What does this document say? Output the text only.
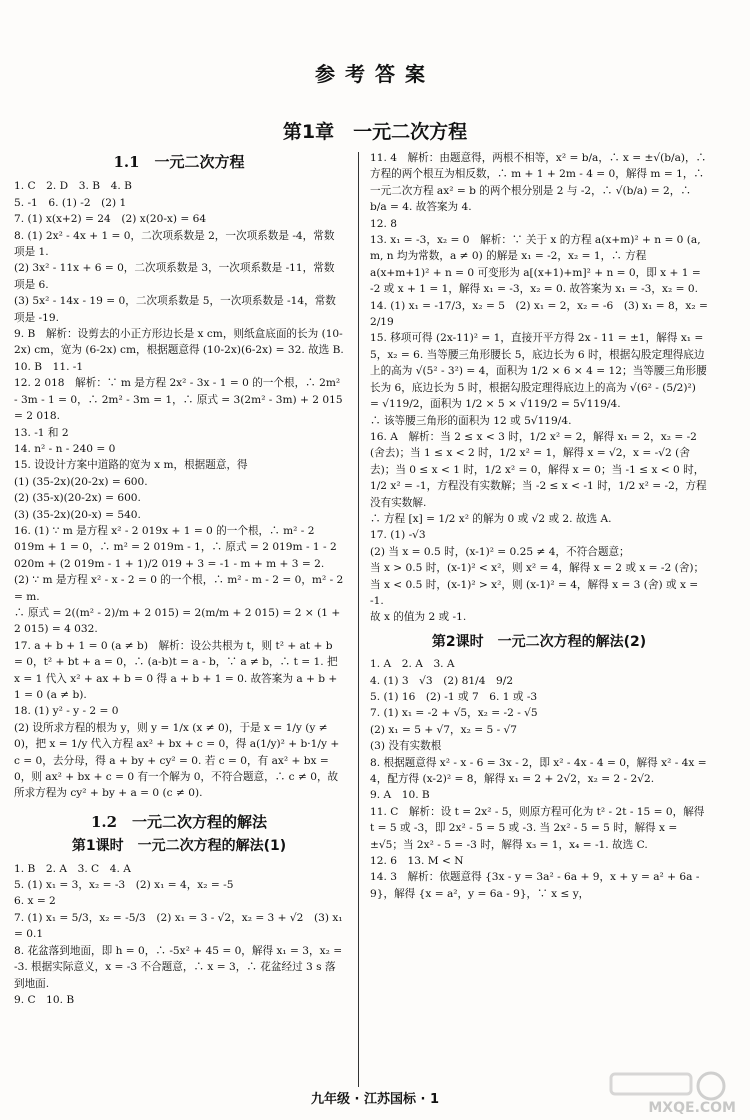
参考答案
第1章　一元二次方程
1.1　一元二次方程
1. C　2. D　3. B　4. B
5. -1　6. (1) -2　(2) 1
7. (1) x(x+2) = 24　(2) x(20-x) = 64
8. (1) 2x² - 4x + 1 = 0，二次项系数是 2，一次项系数是 -4，常数项是 1.
(2) 3x² - 11x + 6 = 0，二次项系数是 3，一次项系数是 -11，常数项是 6.
(3) 5x² - 14x - 19 = 0，二次项系数是 5，一次项系数是 -14，常数项是 -19.
9. B　解析：设剪去的小正方形边长是 x cm，则纸盒底面的长为 (10-2x) cm，宽为 (6-2x) cm，根据题意得 (10-2x)(6-2x) = 32. 故选 B.
10. B　11. -1
12. 2 018　解析：∵ m 是方程 2x² - 3x - 1 = 0 的一个根，∴ 2m² - 3m - 1 = 0，∴ 2m² - 3m = 1，∴ 原式 = 3(2m² - 3m) + 2 015 = 2 018.
13. -1 和 2
14. n² - n - 240 = 0
15. 设设计方案中道路的宽为 x m，根据题意，得
(1) (35-2x)(20-2x) = 600.
(2) (35-x)(20-2x) = 600.
(3) (35-2x)(20-x) = 540.
16. (1) ∵ m 是方程 x² - 2 019x + 1 = 0 的一个根，∴ m² - 2 019m + 1 = 0，∴ m² = 2 019m - 1，∴ 原式 = 2 019m - 1 - 2 020m + (2 019m - 1 + 1)/2 019 + 3 = -1 - m + m + 3 = 2.
(2) ∵ m 是方程 x² - x - 2 = 0 的一个根，∴ m² - m - 2 = 0，m² - 2 = m.
∴ 原式 = 2((m² - 2)/m + 2 015) = 2(m/m + 2 015) = 2 × (1 + 2 015) = 4 032.
17. a + b + 1 = 0 (a ≠ b)　解析：设公共根为 t，则 t² + at + b = 0，t² + bt + a = 0，∴ (a-b)t = a - b，∵ a ≠ b，∴ t = 1. 把 x = 1 代入 x² + ax + b = 0 得 a + b + 1 = 0. 故答案为 a + b + 1 = 0 (a ≠ b).
18. (1) y² - y - 2 = 0
(2) 设所求方程的根为 y，则 y = 1/x (x ≠ 0)，于是 x = 1/y (y ≠ 0)，把 x = 1/y 代入方程 ax² + bx + c = 0，得 a(1/y)² + b·1/y + c = 0，去分母，得 a + by + cy² = 0. 若 c = 0，有 ax² + bx = 0，则 ax² + bx + c = 0 有一个解为 0，不符合题意，∴ c ≠ 0，故所求方程为 cy² + by + a = 0 (c ≠ 0).
1.2　一元二次方程的解法
第1课时　一元二次方程的解法(1)
1. B　2. A　3. C　4. A
5. (1) x₁ = 3，x₂ = -3　(2) x₁ = 4，x₂ = -5
6. x = 2
7. (1) x₁ = 5/3，x₂ = -5/3　(2) x₁ = 3 - √2，x₂ = 3 + √2　(3) x₁ = 0.1
8. 花盆落到地面，即 h = 0，∴ -5x² + 45 = 0，解得 x₁ = 3，x₂ = -3. 根据实际意义，x = -3 不合题意，∴ x = 3，∴ 花盆经过 3 s 落到地面.
9. C　10. B
11. 4　解析：由题意得，两根不相等，x² = b/a，∴ x = ±√(b/a)，∴ 方程的两个根互为相反数，∴ m + 1 + 2m - 4 = 0，解得 m = 1，∴ 一元二次方程 ax² = b 的两个根分别是 2 与 -2，∴ √(b/a) = 2，∴ b/a = 4. 故答案为 4.
12. 8
13. x₁ = -3，x₂ = 0　解析：∵ 关于 x 的方程 a(x+m)² + n = 0 (a, m, n 均为常数，a ≠ 0) 的解是 x₁ = -2，x₂ = 1，∴ 方程 a(x+m+1)² + n = 0 可变形为 a[(x+1)+m]² + n = 0，即 x + 1 = -2 或 x + 1 = 1，解得 x₁ = -3，x₂ = 0. 故答案为 x₁ = -3，x₂ = 0.
14. (1) x₁ = -17/3，x₂ = 5　(2) x₁ = 2，x₂ = -6　(3) x₁ = 8，x₂ = 2/19
15. 移项可得 (2x-11)² = 1，直接开平方得 2x - 11 = ±1，解得 x₁ = 5，x₂ = 6. 当等腰三角形腰长 5，底边长为 6 时，根据勾股定理得底边上的高为 √(5² - 3²) = 4，面积为 1/2 × 6 × 4 = 12；当等腰三角形腰长为 6，底边长为 5 时，根据勾股定理得底边上的高为 √(6² - (5/2)²) = √119/2，面积为 1/2 × 5 × √119/2 = 5√119/4.
∴ 该等腰三角形的面积为 12 或 5√119/4.
16. A　解析：当 2 ≤ x < 3 时，1/2 x² = 2，解得 x₁ = 2，x₂ = -2 (舍去)；当 1 ≤ x < 2 时，1/2 x² = 1，解得 x = √2，x = -√2 (舍去)；当 0 ≤ x < 1 时，1/2 x² = 0，解得 x = 0；当 -1 ≤ x < 0 时，1/2 x² = -1，方程没有实数解；当 -2 ≤ x < -1 时，1/2 x² = -2，方程没有实数解.
∴ 方程 [x] = 1/2 x² 的解为 0 或 √2 或 2. 故选 A.
17. (1) -√3
(2) 当 x = 0.5 时，(x-1)² = 0.25 ≠ 4，不符合题意；
当 x > 0.5 时，(x-1)² < x²，则 x² = 4，解得 x = 2 或 x = -2 (舍)；
当 x < 0.5 时，(x-1)² > x²，则 (x-1)² = 4，解得 x = 3 (舍) 或 x = -1.
故 x 的值为 2 或 -1.
第2课时　一元二次方程的解法(2)
1. A　2. A　3. A
4. (1) 3　√3　(2) 81/4　9/2
5. (1) 16　(2) -1 或 7　6. 1 或 -3
7. (1) x₁ = -2 + √5，x₂ = -2 - √5
(2) x₁ = 5 + √7，x₂ = 5 - √7
(3) 没有实数根
8. 根据题意得 x² - x - 6 = 3x - 2，即 x² - 4x - 4 = 0，解得 x² - 4x = 4，配方得 (x-2)² = 8，解得 x₁ = 2 + 2√2，x₂ = 2 - 2√2.
9. A　10. B
11. C　解析：设 t = 2x² - 5，则原方程可化为 t² - 2t - 15 = 0，解得 t = 5 或 -3，即 2x² - 5 = 5 或 -3. 当 2x² - 5 = 5 时，解得 x = ±√5；当 2x² - 5 = -3 时，解得 x₃ = 1，x₄ = -1. 故选 C.
12. 6　13. M < N
14. 3　解析：依题意得 {3x - y = 3a² - 6a + 9，x + y = a² + 6a - 9}，解得 {x = a²，y = 6a - 9}，∵ x ≤ y，
九年级 · 江苏国标 · 1
MXQE.COM
